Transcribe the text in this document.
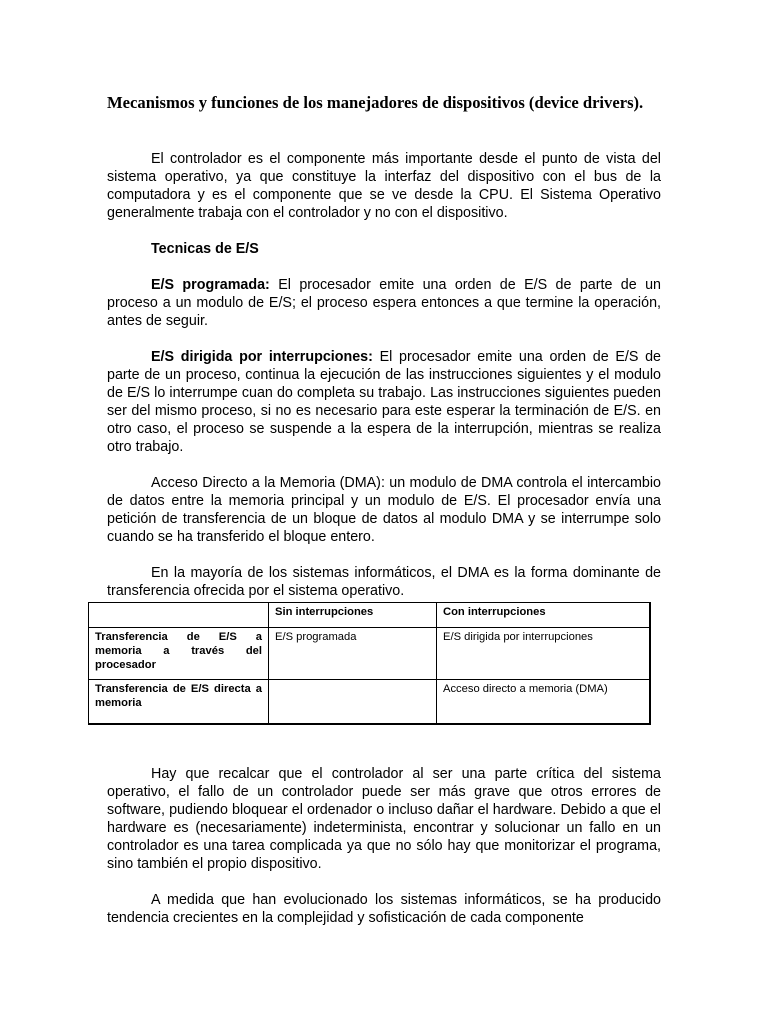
Mecanismos y funciones de los manejadores de dispositivos (device drivers).

El controlador es el componente más importante desde el punto de vista del sistema operativo, ya que constituye la interfaz del dispositivo con el bus de la computadora y es el componente que se ve desde la CPU. El Sistema Operativo generalmente trabaja con el controlador y no con el dispositivo.

Tecnicas de E/S

E/S programada: El procesador emite una orden de E/S de parte de un proceso a un modulo de E/S; el proceso espera entonces a que termine la operación, antes de seguir.

E/S dirigida por interrupciones: El procesador emite una orden de E/S de parte de un proceso, continua la ejecución de las instrucciones siguientes y el modulo de E/S lo interrumpe cuan do completa su trabajo. Las instrucciones siguientes pueden ser del mismo proceso, si no es necesario para este esperar la terminación de E/S. en otro caso, el proceso se suspende a la espera de la interrupción, mientras se realiza otro trabajo.

Acceso Directo a la Memoria (DMA): un modulo de DMA controla el intercambio de datos entre la memoria principal y un modulo de E/S. El procesador envía una petición de transferencia de un bloque de datos al modulo DMA y se interrumpe solo cuando se ha transferido el bloque entero.

En la mayoría de los sistemas informáticos, el DMA es la forma dominante de transferencia ofrecida por el sistema operativo.

	Sin interrupciones	Con interrupciones
Transferencia de E/S a memoria a través del procesador	E/S programada	E/S dirigida por interrupciones
Transferencia de E/S directa a memoria		Acceso directo a memoria (DMA)

Hay que recalcar que el controlador al ser una parte crítica del sistema operativo, el fallo de un controlador puede ser más grave que otros errores de software, pudiendo bloquear el ordenador o incluso dañar el hardware. Debido a que el hardware es (necesariamente) indeterminista, encontrar y solucionar un fallo en un controlador es una tarea complicada ya que no sólo hay que monitorizar el programa, sino también el propio dispositivo.

A medida que han evolucionado los sistemas informáticos, se ha producido tendencia crecientes en la complejidad y sofisticación de cada componente
